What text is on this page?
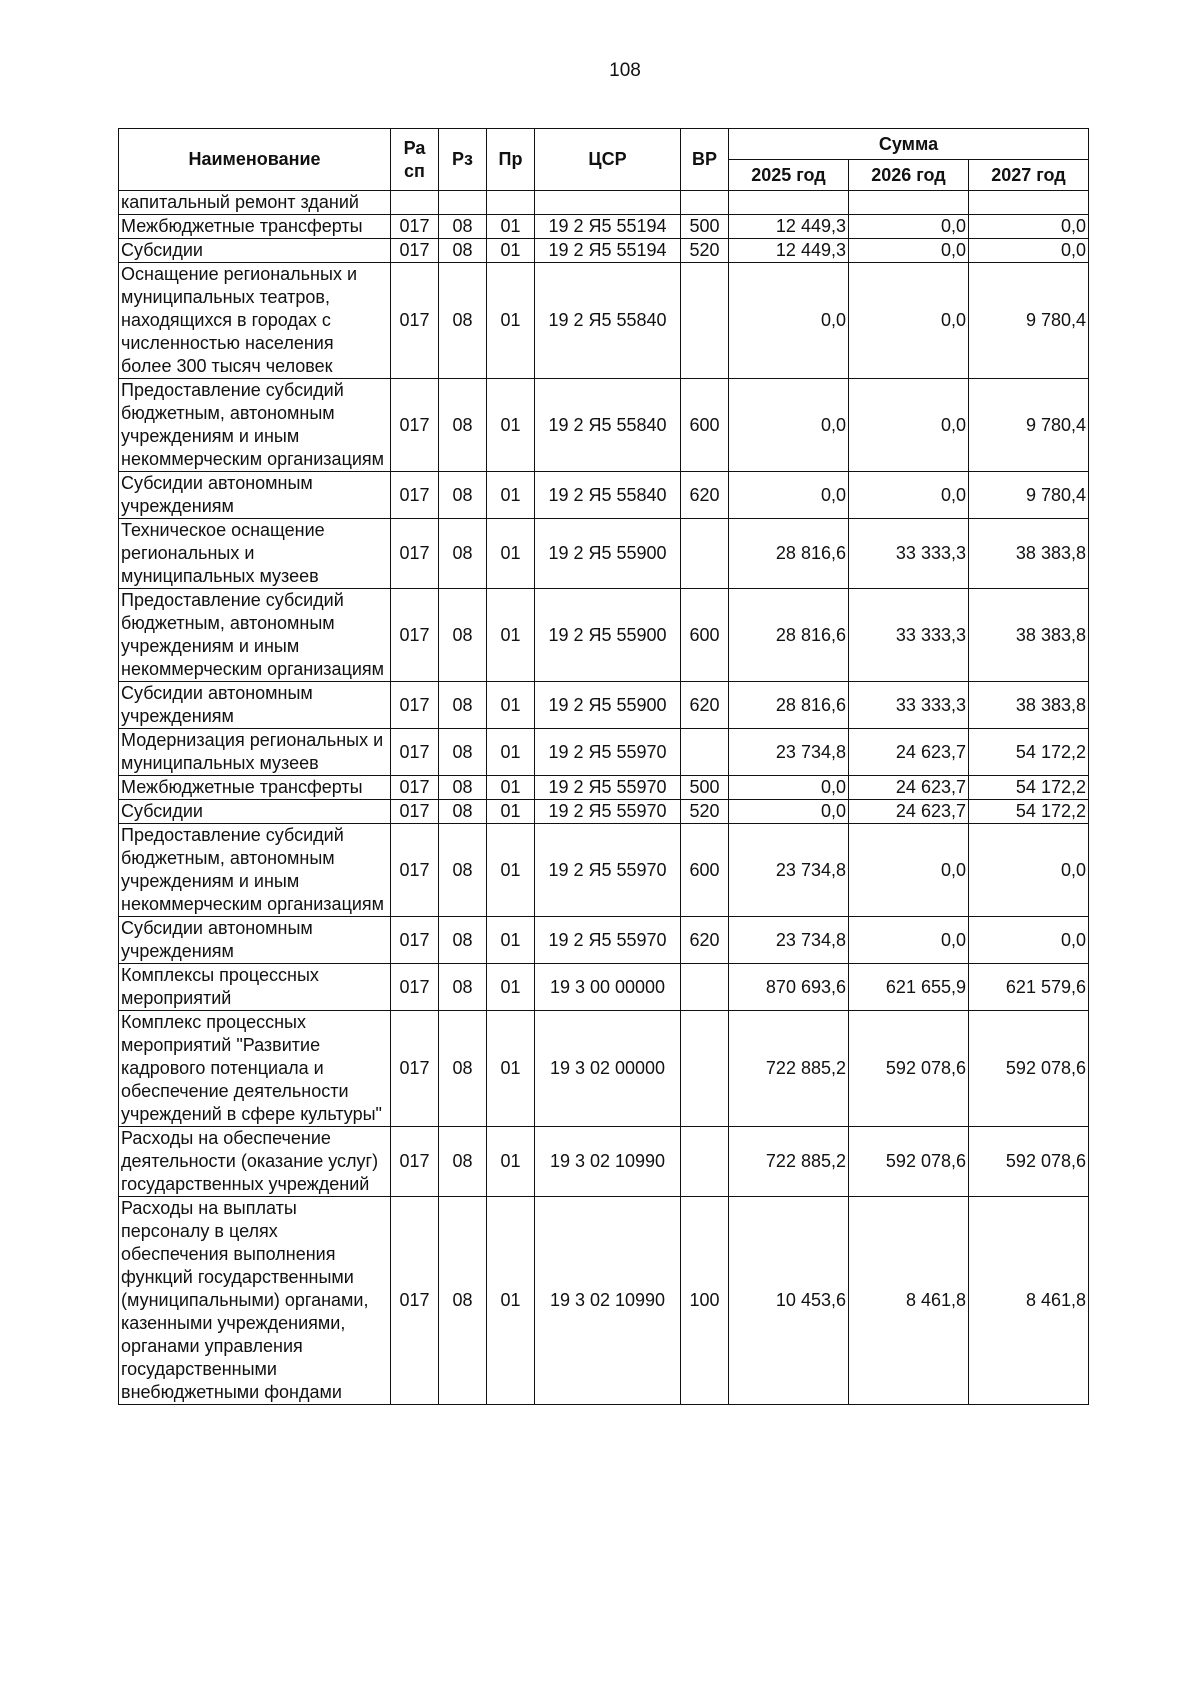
108
Наименование	Ра сп	Рз	Пр	ЦСР	ВР	Сумма		
						2025 год	2026 год	2027 год
капитальный ремонт зданий								
Межбюджетные трансферты	017	08	01	19 2 Я5 55194	500	12 449,3	0,0	0,0
Субсидии	017	08	01	19 2 Я5 55194	520	12 449,3	0,0	0,0
Оснащение региональных и муниципальных театров, находящихся в городах с численностью населения более 300 тысяч человек	017	08	01	19 2 Я5 55840		0,0	0,0	9 780,4
Предоставление субсидий бюджетным, автономным учреждениям и иным некоммерческим организациям	017	08	01	19 2 Я5 55840	600	0,0	0,0	9 780,4
Субсидии автономным учреждениям	017	08	01	19 2 Я5 55840	620	0,0	0,0	9 780,4
Техническое оснащение региональных и муниципальных музеев	017	08	01	19 2 Я5 55900		28 816,6	33 333,3	38 383,8
Предоставление субсидий бюджетным, автономным учреждениям и иным некоммерческим организациям	017	08	01	19 2 Я5 55900	600	28 816,6	33 333,3	38 383,8
Субсидии автономным учреждениям	017	08	01	19 2 Я5 55900	620	28 816,6	33 333,3	38 383,8
Модернизация региональных и муниципальных музеев	017	08	01	19 2 Я5 55970		23 734,8	24 623,7	54 172,2
Межбюджетные трансферты	017	08	01	19 2 Я5 55970	500	0,0	24 623,7	54 172,2
Субсидии	017	08	01	19 2 Я5 55970	520	0,0	24 623,7	54 172,2
Предоставление субсидий бюджетным, автономным учреждениям и иным некоммерческим организациям	017	08	01	19 2 Я5 55970	600	23 734,8	0,0	0,0
Субсидии автономным учреждениям	017	08	01	19 2 Я5 55970	620	23 734,8	0,0	0,0
Комплексы процессных мероприятий	017	08	01	19 3 00 00000		870 693,6	621 655,9	621 579,6
Комплекс процессных мероприятий "Развитие кадрового потенциала и обеспечение деятельности учреждений в сфере культуры"	017	08	01	19 3 02 00000		722 885,2	592 078,6	592 078,6
Расходы на обеспечение деятельности (оказание услуг) государственных учреждений	017	08	01	19 3 02 10990		722 885,2	592 078,6	592 078,6
Расходы на выплаты персоналу в целях обеспечения выполнения функций государственными (муниципальными) органами, казенными учреждениями, органами управления государственными внебюджетными фондами	017	08	01	19 3 02 10990	100	10 453,6	8 461,8	8 461,8
